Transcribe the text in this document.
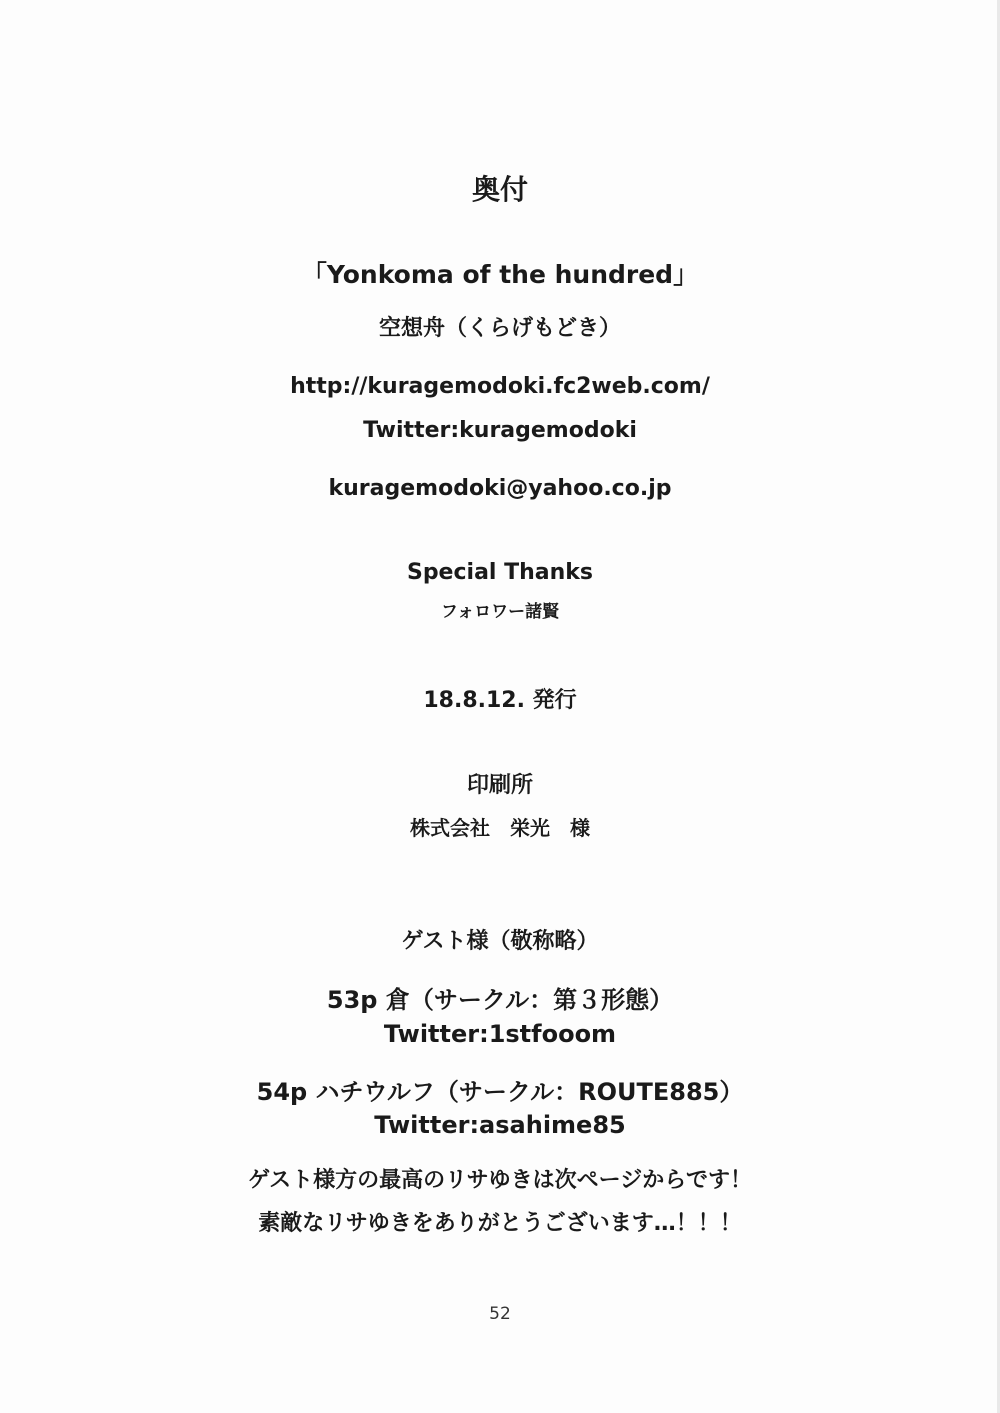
奥付
「Yonkoma of the hundred」
空想舟（くらげもどき）
http://kuragemodoki.fc2web.com/
Twitter:kuragemodoki
kuragemodoki@yahoo.co.jp
Special Thanks
フォロワー諸賢
18.8.12. 発行
印刷所
株式会社　栄光　様
ゲスト様（敬称略）
53p 倉（サークル：第３形態）
Twitter:1stfooom
54p ハチウルフ（サークル：ROUTE885）
Twitter:asahime85
ゲスト様方の最高のリサゆきは次ページからです！
素敵なリサゆきをありがとうございます…！！！
52
